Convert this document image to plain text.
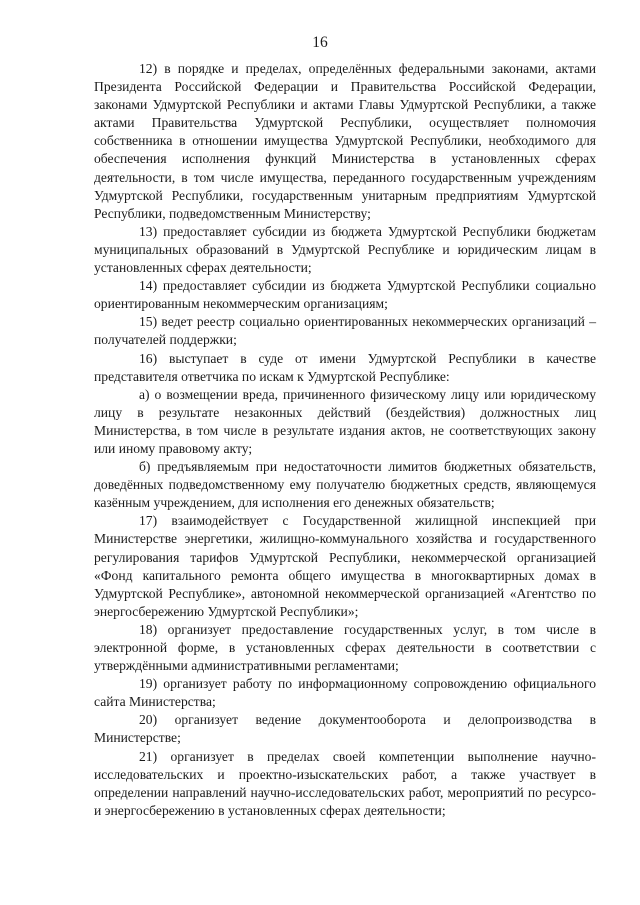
16

12) в порядке и пределах, определённых федеральными законами, актами Президента Российской Федерации и Правительства Российской Федерации, законами Удмуртской Республики и актами Главы Удмуртской Республики, а также актами Правительства Удмуртской Республики, осуществляет полномочия собственника в отношении имущества Удмуртской Республики, необходимого для обеспечения исполнения функций Министерства в установленных сферах деятельности, в том числе имущества, переданного государственным учреждениям Удмуртской Республики, государственным унитарным предприятиям Удмуртской Республики, подведомственным Министерству;

13) предоставляет субсидии из бюджета Удмуртской Республики бюджетам муниципальных образований в Удмуртской Республике и юридическим лицам в установленных сферах деятельности;

14) предоставляет субсидии из бюджета Удмуртской Республики социально ориентированным некоммерческим организациям;

15) ведет реестр социально ориентированных некоммерческих организаций – получателей поддержки;

16) выступает в суде от имени Удмуртской Республики в качестве представителя ответчика по искам к Удмуртской Республике:

а) о возмещении вреда, причиненного физическому лицу или юридическому лицу в результате незаконных действий (бездействия) должностных лиц Министерства, в том числе в результате издания актов, не соответствующих закону или иному правовому акту;

б) предъявляемым при недостаточности лимитов бюджетных обязательств, доведённых подведомственному ему получателю бюджетных средств, являющемуся казённым учреждением, для исполнения его денежных обязательств;

17) взаимодействует с Государственной жилищной инспекцией при Министерстве энергетики, жилищно-коммунального хозяйства и государственного регулирования тарифов Удмуртской Республики, некоммерческой организацией «Фонд капитального ремонта общего имущества в многоквартирных домах в Удмуртской Республике», автономной некоммерческой организацией «Агентство по энергосбережению Удмуртской Республики»;

18) организует предоставление государственных услуг, в том числе в электронной форме, в установленных сферах деятельности в соответствии с утверждёнными административными регламентами;

19) организует работу по информационному сопровождению официального сайта Министерства;

20) организует ведение документооборота и делопроизводства в Министерстве;

21) организует в пределах своей компетенции выполнение научно-исследовательских и проектно-изыскательских работ, а также участвует в определении направлений научно-исследовательских работ, мероприятий по ресурсо- и энергосбережению в установленных сферах деятельности;
